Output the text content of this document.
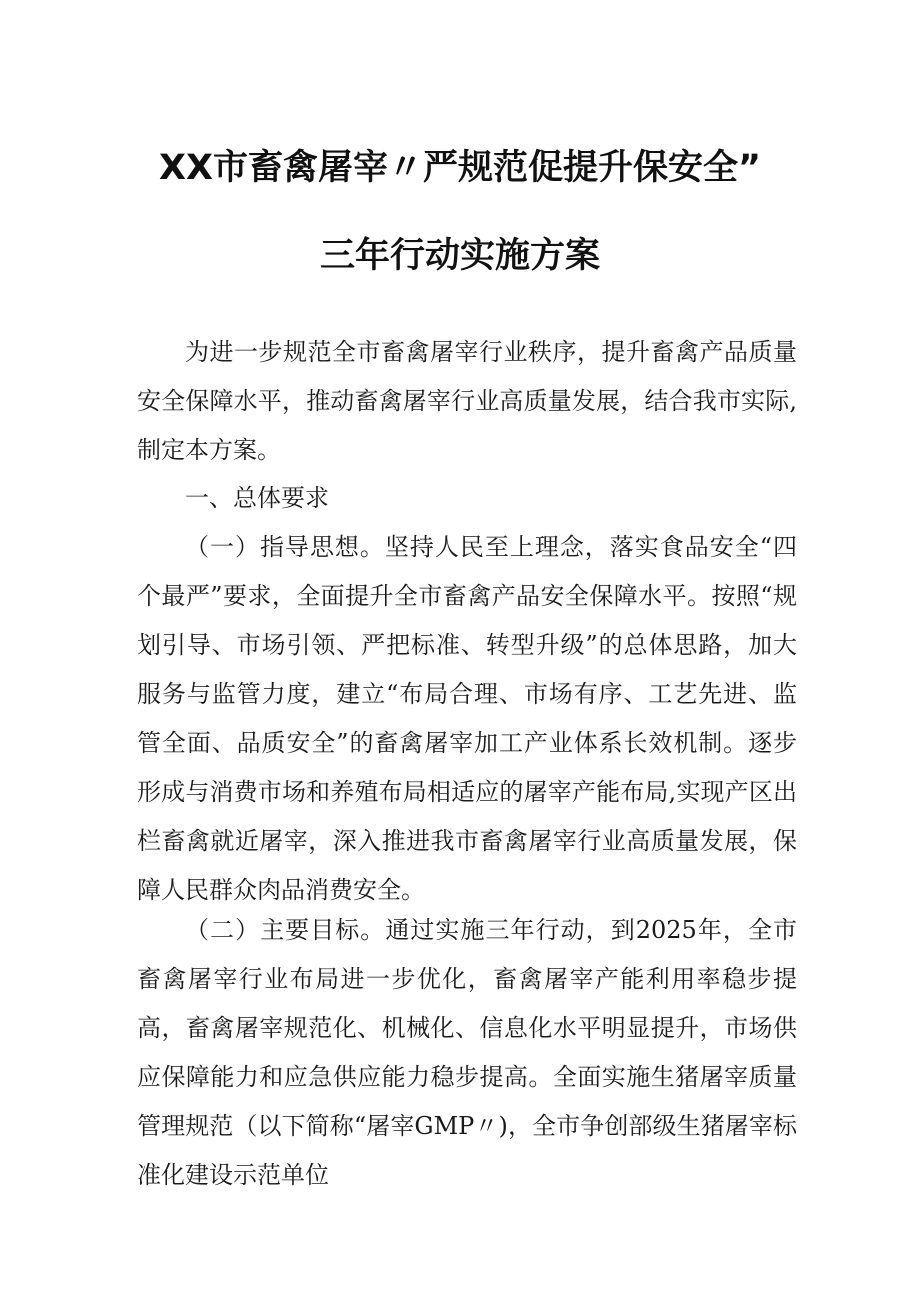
XX市畜禽屠宰〃严规范促提升保安全”
三年行动实施方案

为进一步规范全市畜禽屠宰行业秩序，提升畜禽产品质量安全保障水平，推动畜禽屠宰行业高质量发展，结合我市实际,制定本方案。

一、总体要求

（一）指导思想。坚持人民至上理念，落实食品安全“四个最严”要求，全面提升全市畜禽产品安全保障水平。按照“规划引导、市场引领、严把标准、转型升级”的总体思路，加大服务与监管力度，建立“布局合理、市场有序、工艺先进、监管全面、品质安全”的畜禽屠宰加工产业体系长效机制。逐步形成与消费市场和养殖布局相适应的屠宰产能布局,实现产区出栏畜禽就近屠宰，深入推进我市畜禽屠宰行业高质量发展，保障人民群众肉品消费安全。

（二）主要目标。通过实施三年行动，到2025年，全市畜禽屠宰行业布局进一步优化，畜禽屠宰产能利用率稳步提高，畜禽屠宰规范化、机械化、信息化水平明显提升，市场供应保障能力和应急供应能力稳步提高。全面实施生猪屠宰质量管理规范（以下简称“屠宰GMP〃)，全市争创部级生猪屠宰标准化建设示范单位
